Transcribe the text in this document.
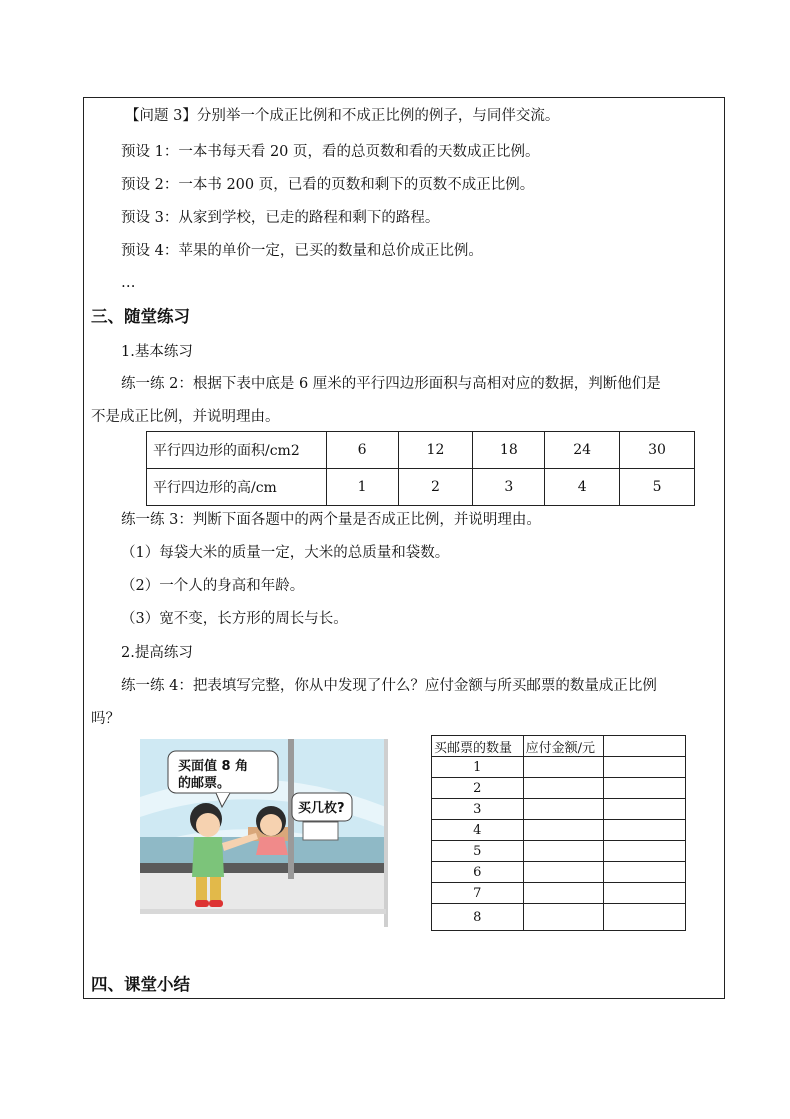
【问题 3】分别举一个成正比例和不成正比例的例子，与同伴交流。
预设 1：一本书每天看 20 页，看的总页数和看的天数成正比例。
预设 2：一本书 200 页，已看的页数和剩下的页数不成正比例。
预设 3：从家到学校，已走的路程和剩下的路程。
预设 4：苹果的单价一定，已买的数量和总价成正比例。
…
三、随堂练习
1.基本练习
练一练 2：根据下表中底是 6 厘米的平行四边形面积与高相对应的数据，判断他们是
不是成正比例，并说明理由。
平行四边形的面积/cm2	6	12	18	24	30
平行四边形的高/cm	1	2	3	4	5
练一练 3：判断下面各题中的两个量是否成正比例，并说明理由。
（1）每袋大米的质量一定，大米的总质量和袋数。
（2）一个人的身高和年龄。
（3）宽不变，长方形的周长与长。
2.提高练习
练一练 4：把表填写完整，你从中发现了什么？应付金额与所买邮票的数量成正比例
吗？
买面值 8 角
的邮票。
买几枚?
买邮票的数量	应付金额/元	
1		
2		
3		
4		
5		
6		
7		
8		
四、课堂小结
